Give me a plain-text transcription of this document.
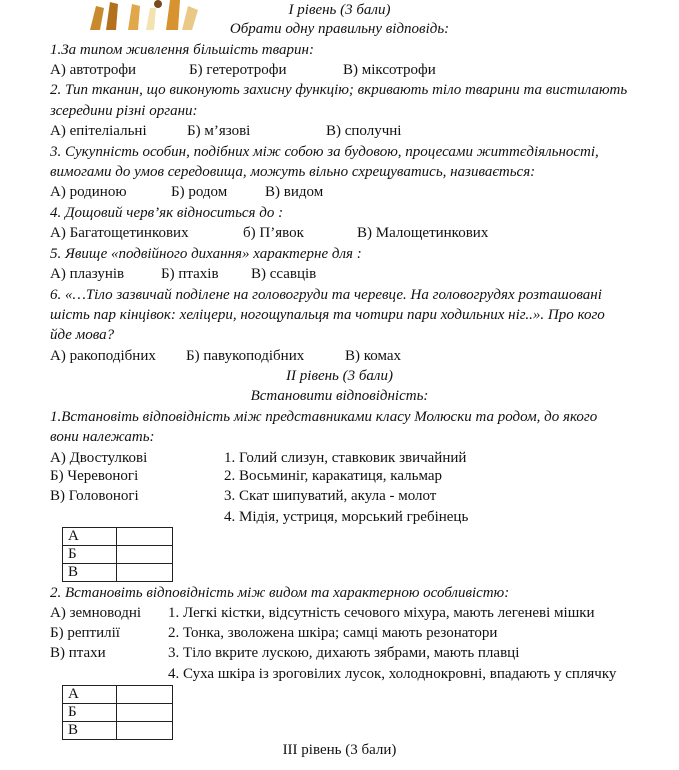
I рівень (3 бали)
Обрати одну правильну відповідь:
1.За типом живлення більшість тварин:
А) автотрофи	Б) гетеротрофи	В) міксотрофи
2. Тип тканин, що виконують захисну функцію; вкривають тіло тварини та вистилають
зсередини різні органи:
А) епітеліальні	Б) м’язові	В) сполучні
3. Сукупність особин, подібних між собою за будовою, процесами життєдіяльності,
вимогами до умов середовища, можуть вільно схрещуватись, називається:
А) родиною	Б) родом	В) видом
4. Дощовий черв’як відноситься до :
А) Багатощетинкових	б) П’явок	В) Малощетинкових
5. Явище «подвійного дихання» характерне для :
А) плазунів Б) птахів В) ссавців
6. «…Тіло зазвичай поділене на головогруди та черевце. На головогрудях розташовані
шість пар кінцівок: хеліцери, ногощупальця та чотири пари ходильних ніг..». Про кого
йде мова?
А) ракоподібних Б) павукоподібних	В) комах
II рівень (3 бали)
Встановити відповідність:
1.Встановіть відповідність між представниками класу Молюски та родом, до якого
вони належать:
А) Двостулкові
Б) Черевоногі
В) Головоногі
1. Голий слизун, ставковик звичайний
2. Восьминіг, каракатиця, кальмар
3. Скат шипуватий, акула - молот
4. Мідія, устриця, морський гребінець
А	
Б	
В	
2. Встановіть відповідність між видом та характерною особливістю:
А) земноводні
Б) рептилії
В) птахи
1. Легкі кістки, відсутність сечового міхура, мають легеневі мішки
2. Тонка, зволожена шкіра; самці мають резонатори
3. Тіло вкрите лускою, дихають зябрами, мають плавці
4. Суха шкіра із зроговілих лусок, холоднокровні, впадають у сплячку
А	
Б	
В	
ІІІ рівень (3 бали)
